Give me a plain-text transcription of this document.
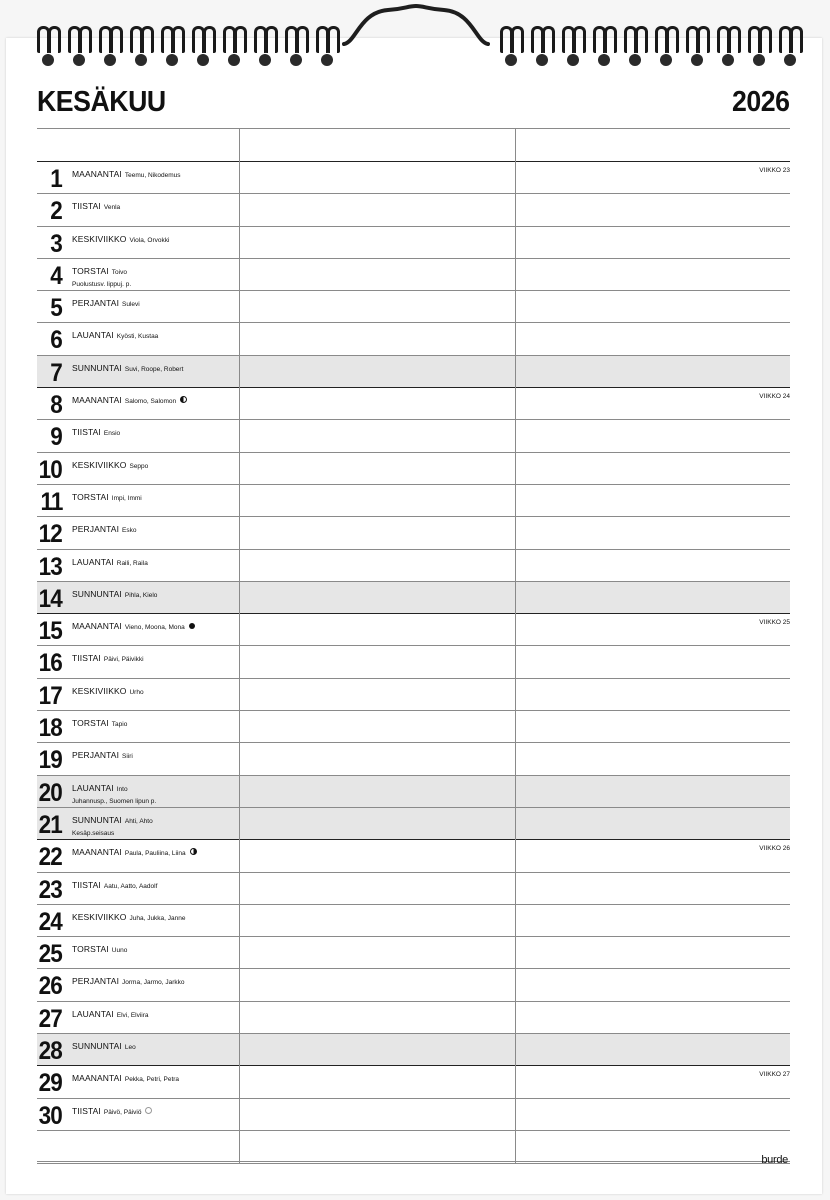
KESÄKUU	2026
1 MAANANTAI Teemu, Nikodemus
VIIKKO 23
2 TIISTAI Venla
3 KESKIVIIKKO Viola, Orvokki
4 TORSTAI Toivo
Puolustusv. lippuj. p.
5 PERJANTAI Sulevi
6 LAUANTAI Kyösti, Kustaa
7 SUNNUNTAI Suvi, Roope, Robert
8 MAANANTAI Salomo, Salomon
VIIKKO 24
9 TIISTAI Ensio
10 KESKIVIIKKO Seppo
11 TORSTAI Impi, Immi
12 PERJANTAI Esko
13 LAUANTAI Raili, Raila
14 SUNNUNTAI Pihla, Kielo
15 MAANANTAI Vieno, Moona, Mona
VIIKKO 25
16 TIISTAI Päivi, Päivikki
17 KESKIVIIKKO Urho
18 TORSTAI Tapio
19 PERJANTAI Siiri
20 LAUANTAI Into
Juhannusp., Suomen lipun p.
21 SUNNUNTAI Ahti, Ahto
Kesäp.seisaus
22 MAANANTAI Paula, Pauliina, Liina
VIIKKO 26
23 TIISTAI Aatu, Aatto, Aadolf
24 KESKIVIIKKO Juha, Jukka, Janne
25 TORSTAI Uuno
26 PERJANTAI Jorma, Jarmo, Jarkko
27 LAUANTAI Elvi, Elviira
28 SUNNUNTAI Leo
29 MAANANTAI Pekka, Petri, Petra
VIIKKO 27
30 TIISTAI Päivö, Päiviö
burde
